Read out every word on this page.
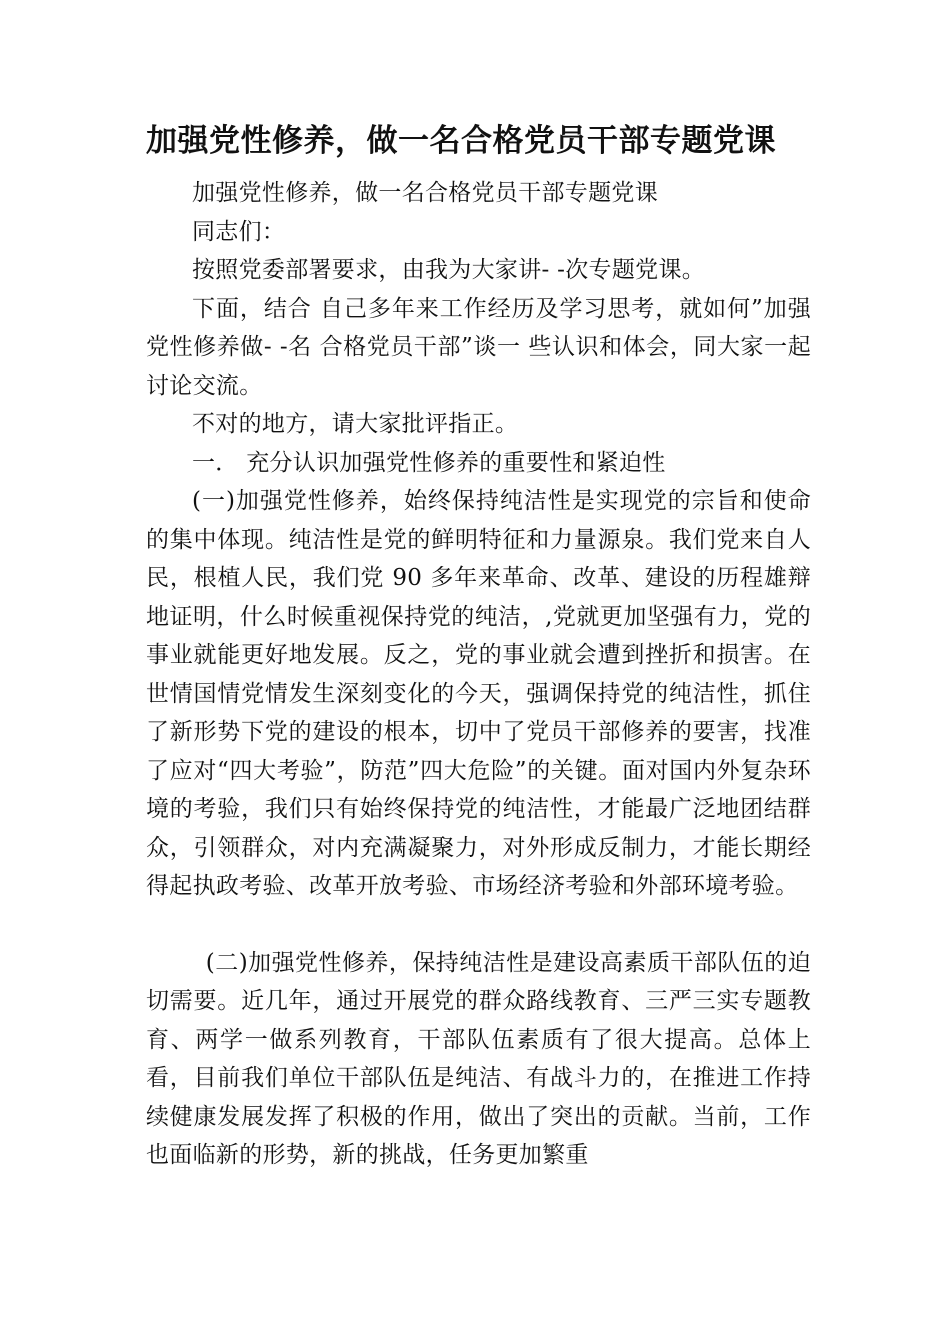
加强党性修养，做一名合格党员干部专题党课

加强党性修养，做一名合格党员干部专题党课

同志们：

按照党委部署要求，由我为大家讲- -次专题党课。

下面，结合 自己多年来工作经历及学习思考，就如何”加强党性修养做- -名 合格党员干部”谈一 些认识和体会，同大家一起讨论交流。

不对的地方，请大家批评指正。

一． 充分认识加强党性修养的重要性和紧迫性

(一)加强党性修养，始终保持纯洁性是实现党的宗旨和使命的集中体现。纯洁性是党的鲜明特征和力量源泉。我们党来自人民，根植人民，我们党 90 多年来革命、改革、建设的历程雄辩地证明，什么时候重视保持党的纯洁，,党就更加坚强有力，党的事业就能更好地发展。反之，党的事业就会遭到挫折和损害。在世情国情党情发生深刻变化的今天，强调保持党的纯洁性，抓住了新形势下党的建设的根本，切中了党员干部修养的要害，找准了应对“四大考验”，防范”四大危险”的关键。面对国内外复杂环境的考验，我们只有始终保持党的纯洁性，才能最广泛地团结群众，引领群众，对内充满凝聚力，对外形成反制力，才能长期经得起执政考验、改革开放考验、市场经济考验和外部环境考验。

(二)加强党性修养，保持纯洁性是建设高素质干部队伍的迫切需要。近几年，通过开展党的群众路线教育、三严三实专题教育、两学一做系列教育，干部队伍素质有了很大提高。总体上看，目前我们单位干部队伍是纯洁、有战斗力的，在推进工作持续健康发展发挥了积极的作用，做出了突出的贡献。当前，工作也面临新的形势，新的挑战，任务更加繁重
